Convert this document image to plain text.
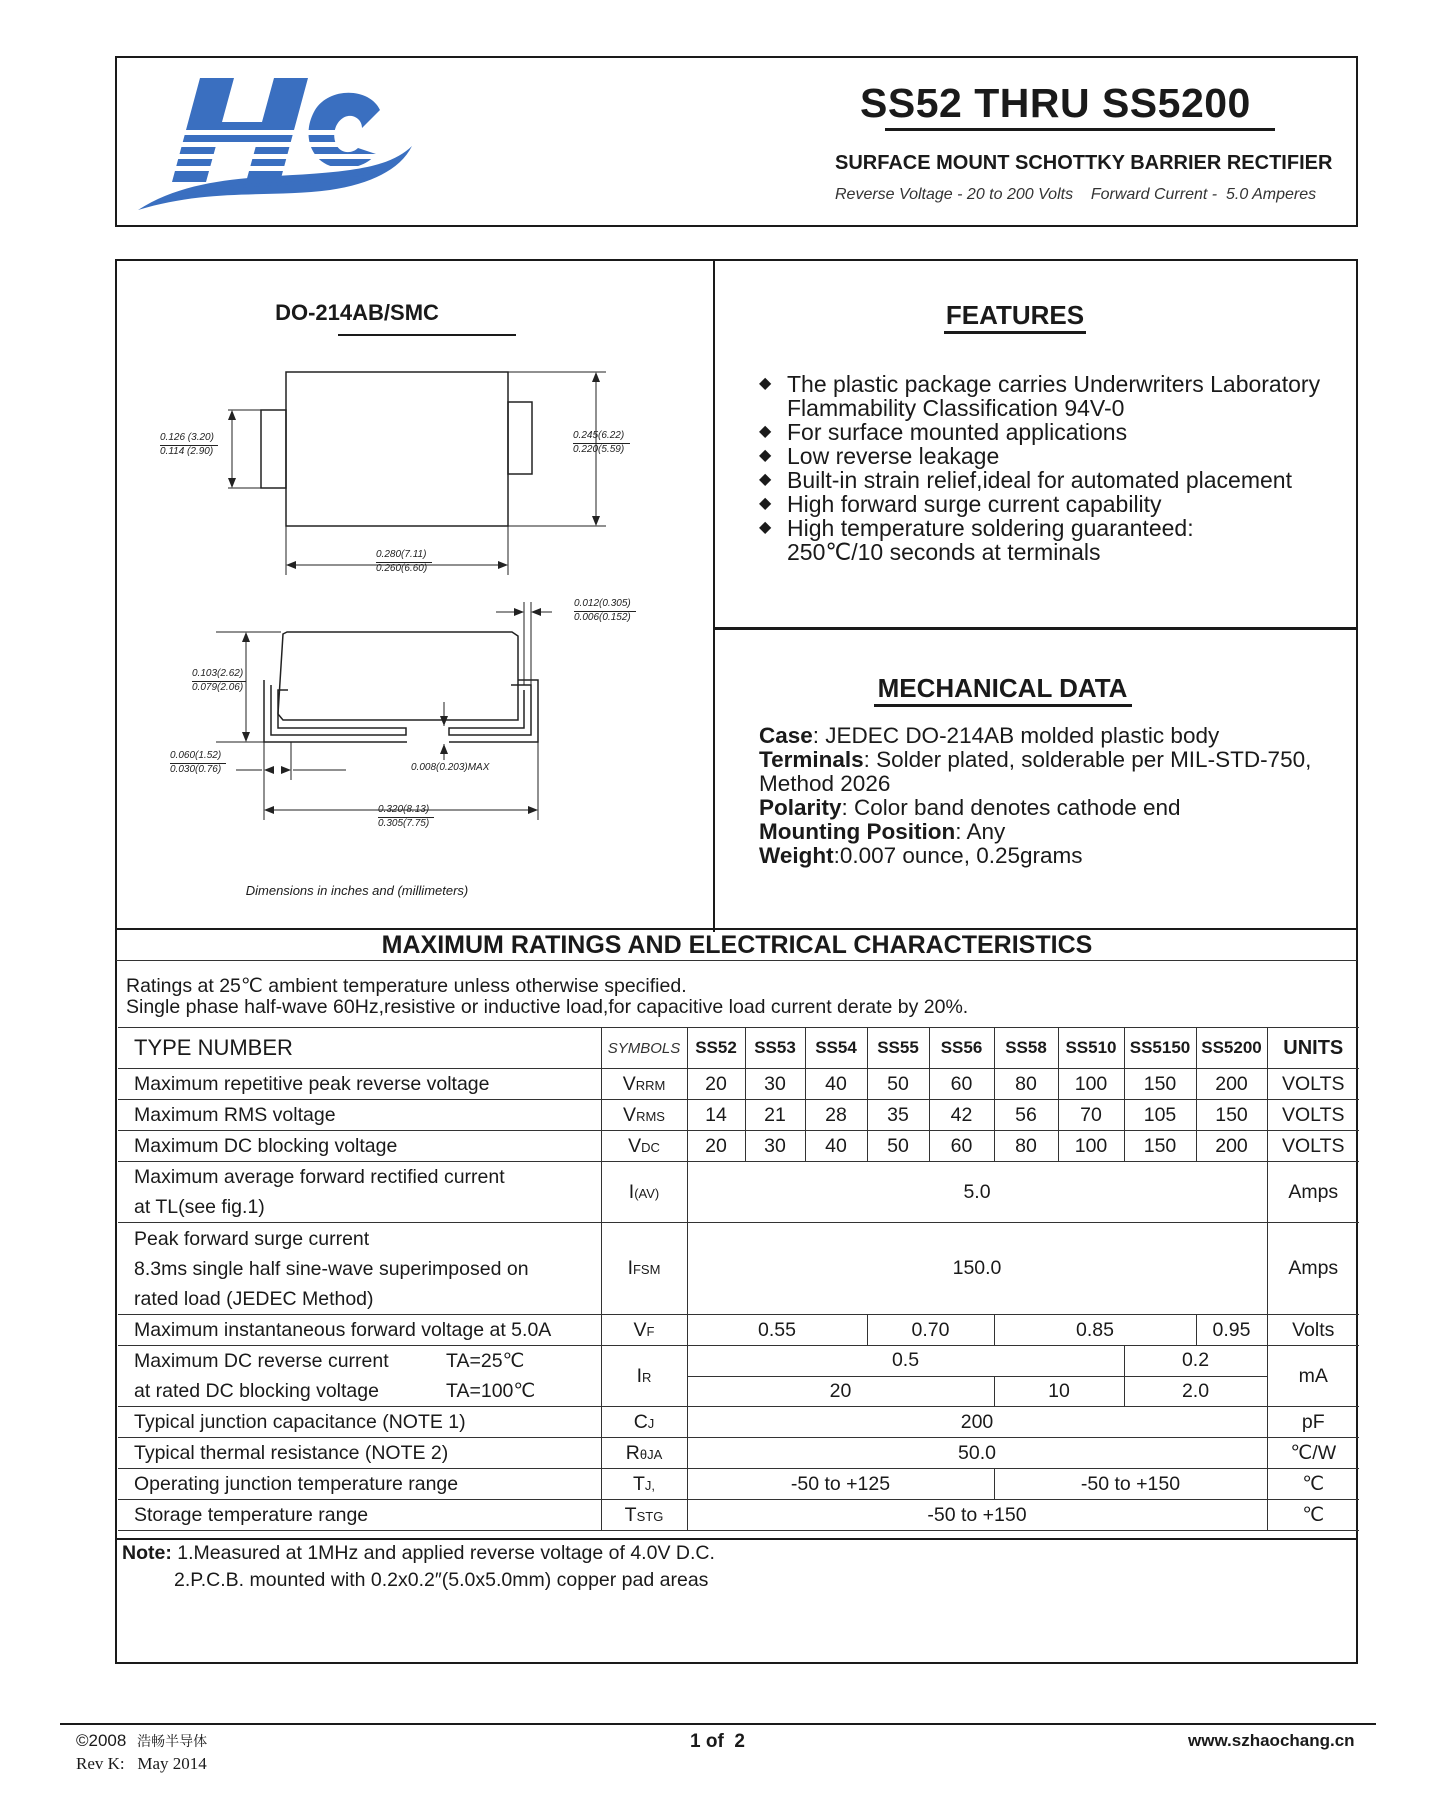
SS52 THRU SS5200
SURFACE MOUNT SCHOTTKY BARRIER RECTIFIER
Reverse Voltage - 20 to 200 Volts    Forward Current -  5.0 Amperes
DO-214AB/SMC
0.126 (3.20)
0.114 (2.90)
0.245(6.22)
0.220(5.59)
0.280(7.11)
0.260(6.60)
0.012(0.305)
0.006(0.152)
0.103(2.62)
0.079(2.06)
0.060(1.52)
0.030(0.76)	0.008(0.203)MAX
0.320(8.13)
0.305(7.75)
Dimensions in inches and (millimeters)
FEATURES
◆ The plastic package carries Underwriters Laboratory
Flammability Classification 94V-0
◆ For surface mounted applications
◆ Low reverse leakage
◆ Built-in strain relief,ideal for automated placement
◆ High forward surge current capability
◆ High temperature soldering guaranteed:
250℃/10 seconds at terminals
MECHANICAL DATA
Case: JEDEC DO-214AB molded plastic body
Terminals: Solder plated, solderable per MIL-STD-750,
Method 2026
Polarity: Color band denotes cathode end
Mounting Position: Any
Weight:0.007 ounce, 0.25grams
MAXIMUM RATINGS AND ELECTRICAL CHARACTERISTICS
Ratings at 25℃ ambient temperature unless otherwise specified.
Single phase half-wave 60Hz,resistive or inductive load,for capacitive load current derate by 20%.
TYPE NUMBER	SYMBOLS	SS52	SS53	SS54	SS55	SS56	SS58	SS510	SS5150	SS5200	UNITS
Maximum repetitive peak reverse voltage	VRRM	20	30	40	50	60	80	100	150	200	VOLTS
Maximum RMS voltage	VRMS	14	21	28	35	42	56	70	105	150	VOLTS
Maximum DC blocking voltage	VDC	20	30	40	50	60	80	100	150	200	VOLTS

Maximum average forward rectified current
at TL(see fig.1)	I(AV)	5.0									Amps

Peak forward surge current
8.3ms single half sine-wave superimposed on
rated load (JEDEC Method)	IFSM	150.0									Amps
Maximum instantaneous forward voltage at 5.0A	VF	0.55			0.70		0.85			0.95	Volts

Maximum DC reverse current TA=25℃
at rated DC blocking voltage TA=100℃	IR	0.5							0.2		mA
		20					10		2.0		
Typical junction capacitance (NOTE 1)	CJ	200									pF
Typical thermal resistance (NOTE 2)	RθJA	50.0									℃/W
Operating junction temperature range	TJ,	-50 to +125					-50 to +150				℃
Storage temperature range	TSTG	-50 to +150									℃
Note: 1.Measured at 1MHz and applied reverse voltage of 4.0V D.C.
2.P.C.B. mounted with 0.2x0.2″(5.0x5.0mm) copper pad areas
©2008 浩畅半导体
Rev K:   May 2014
1 of  2	www.szhaochang.cn
